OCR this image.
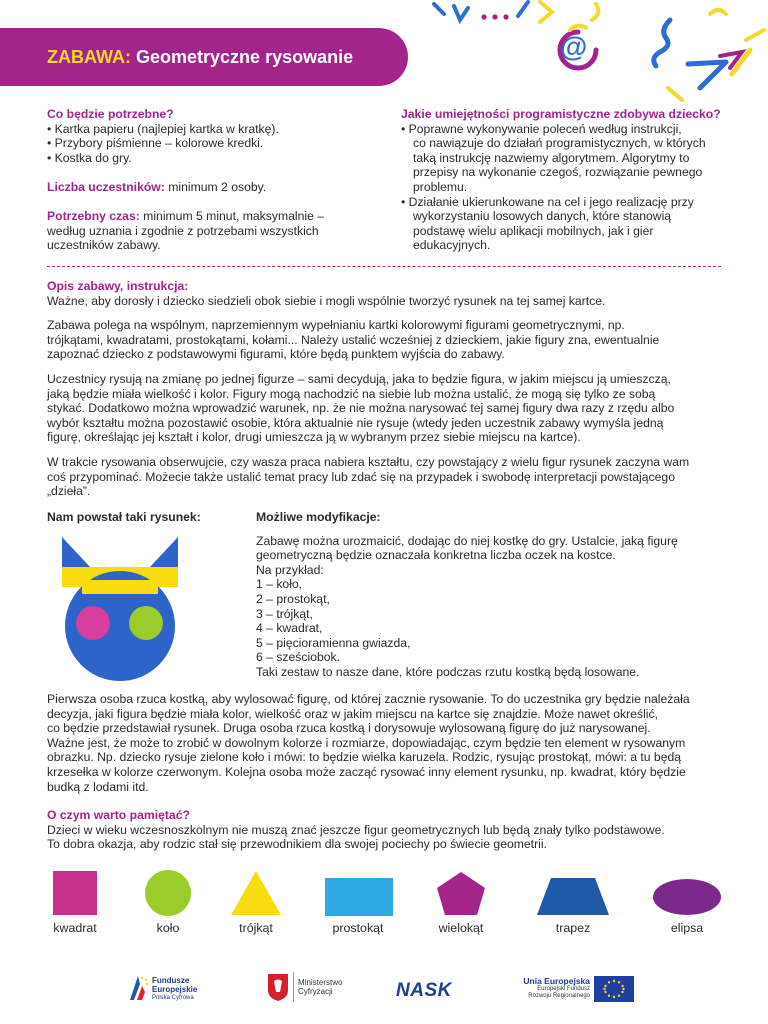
@
ZABAWA: Geometryczne rysowanie
Co będzie potrzebne?
• Kartka papieru (najlepiej kartka w kratkę).
• Przybory piśmienne – kolorowe kredki.
• Kostka do gry.
Liczba uczestników: minimum 2 osoby.
Potrzebny czas: minimum 5 minut, maksymalnie –
według uznania i zgodnie z potrzebami wszystkich
uczestników zabawy.
Jakie umiejętności programistyczne zdobywa dziecko?
• Poprawne wykonywanie poleceń według instrukcji,
co nawiązuje do działań programistycznych, w których
taką instrukcję nazwiemy algorytmem. Algorytmy to
przepisy na wykonanie czegoś, rozwiązanie pewnego
problemu.
• Działanie ukierunkowane na cel i jego realizację przy
wykorzystaniu losowych danych, które stanowią
podstawę wielu aplikacji mobilnych, jak i gier
edukacyjnych.
Opis zabawy, instrukcja:
Ważne, aby dorosły i dziecko siedzieli obok siebie i mogli wspólnie tworzyć rysunek na tej samej kartce.
Zabawa polega na wspólnym, naprzemiennym wypełnianiu kartki kolorowymi figurami geometrycznymi, np.
trójkątami, kwadratami, prostokątami, kołami... Należy ustalić wcześniej z dzieckiem, jakie figury zna, ewentualnie
zapoznać dziecko z podstawowymi figurami, które będą punktem wyjścia do zabawy.
Uczestnicy rysują na zmianę po jednej figurze – sami decydują, jaka to będzie figura, w jakim miejscu ją umieszczą,
jaką będzie miała wielkość i kolor. Figury mogą nachodzić na siebie lub można ustalić, że mogą się tylko ze sobą
stykać. Dodatkowo można wprowadzić warunek, np. że nie można narysować tej samej figury dwa razy z rzędu albo
wybór kształtu można pozostawić osobie, która aktualnie nie rysuje (wtedy jeden uczestnik zabawy wymyśla jedną
figurę, określając jej kształt i kolor, drugi umieszcza ją w wybranym przez siebie miejscu na kartce).
W trakcie rysowania obserwujcie, czy wasza praca nabiera kształtu, czy powstający z wielu figur rysunek zaczyna wam
coś przypominać. Możecie także ustalić temat pracy lub zdać się na przypadek i swobodę interpretacji powstającego
„dzieła”.
Nam powstał taki rysunek:	Możliwe modyfikacje:
Zabawę można urozmaicić, dodając do niej kostkę do gry. Ustalcie, jaką figurę
geometryczną będzie oznaczała konkretna liczba oczek na kostce.
Na przykład:
1 – koło,
2 – prostokąt,
3 – trójkąt,
4 – kwadrat,
5 – pięcioramienna gwiazda,
6 – sześciobok.
Taki zestaw to nasze dane, które podczas rzutu kostką będą losowane.
Pierwsza osoba rzuca kostką, aby wylosować figurę, od której zacznie rysowanie. To do uczestnika gry będzie należała
decyzja, jaki figura będzie miała kolor, wielkość oraz w jakim miejscu na kartce się znajdzie. Może nawet określić,
co będzie przedstawiał rysunek. Druga osoba rzuca kostką i dorysowuje wylosowaną figurę do już narysowanej.
Ważne jest, że może to zrobić w dowolnym kolorze i rozmiarze, dopowiadając, czym będzie ten element w rysowanym
obrazku. Np. dziecko rysuje zielone koło i mówi: to będzie wielka karuzela. Rodzic, rysując prostokąt, mówi: a tu będą
krzesełka w kolorze czerwonym. Kolejna osoba może zacząć rysować inny element rysunku, np. kwadrat, który będzie
budką z lodami itd.
O czym warto pamiętać?
Dzieci w wieku wczesnoszkolnym nie muszą znać jeszcze figur geometrycznych lub będą znały tylko podstawowe.
To dobra okazja, aby rodzic stał się przewodnikiem dla swojej pociechy po świecie geometrii.
kwadrat	koło	trójkąt	prostokąt	wielokąt	trapez	elipsa
Fundusze
Europejskie
Polska Cyfrowa
Ministerstwo
Cyfryzacji	NASK	Unia Europejska
Europejski Fundusz
Rozwoju Regionalnego
